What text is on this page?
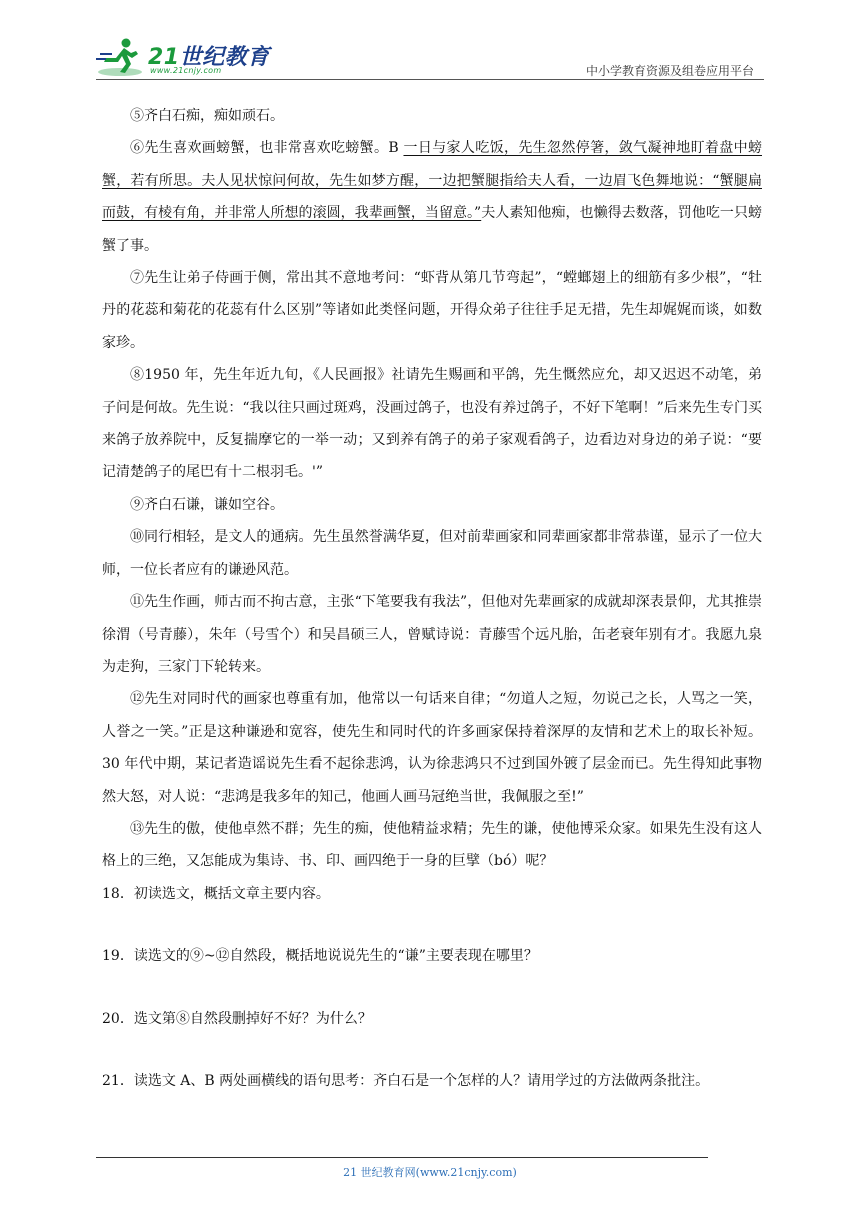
21世纪教育
www.21cnjy.com	中小学教育资源及组卷应用平台

⑤齐白石痴，痴如顽石。

⑥先生喜欢画螃蟹，也非常喜欢吃螃蟹。B 一日与家人吃饭，先生忽然停箸，敛气凝神地盯着盘中螃蟹，若有所思。夫人见状惊问何故，先生如梦方醒，一边把蟹腿指给夫人看，一边眉飞色舞地说：“蟹腿扁而鼓，有棱有角，并非常人所想的滚圆，我辈画蟹，当留意。”夫人素知他痴，也懒得去数落，罚他吃一只螃蟹了事。

⑦先生让弟子侍画于侧，常出其不意地考问：“虾背从第几节弯起”，“螳螂翅上的细筋有多少根”，“牡丹的花蕊和菊花的花蕊有什么区别”等诸如此类怪问题，开得众弟子往往手足无措，先生却娓娓而谈，如数家珍。

⑧1950 年，先生年近九旬，《人民画报》社请先生赐画和平鸽，先生慨然应允，却又迟迟不动笔，弟子问是何故。先生说：“我以往只画过斑鸡，没画过鸽子，也没有养过鸽子，不好下笔啊！”后来先生专门买来鸽子放养院中，反复揣摩它的一举一动；又到养有鸽子的弟子家观看鸽子，边看边对身边的弟子说：“要记清楚鸽子的尾巴有十二根羽毛。'”

⑨齐白石谦，谦如空谷。

⑩同行相轻，是文人的通病。先生虽然誉满华夏，但对前辈画家和同辈画家都非常恭谨，显示了一位大师，一位长者应有的谦逊风范。

⑪先生作画，师古而不拘古意，主张“下笔要我有我法”，但他对先辈画家的成就却深表景仰，尤其推崇徐渭（号青藤），朱年（号雪个）和吴昌硕三人，曾赋诗说：青藤雪个远凡胎，缶老衰年别有才。我愿九泉为走狗，三家门下轮转来。

⑫先生对同时代的画家也尊重有加，他常以一句话来自律；“勿道人之短，勿说己之长，人骂之一笑，人誉之一笑。”正是这种谦逊和宽容，使先生和同时代的许多画家保持着深厚的友情和艺术上的取长补短。30 年代中期，某记者造谣说先生看不起徐悲鸿，认为徐悲鸿只不过到国外镀了层金而已。先生得知此事物然大怒，对人说：“悲鸿是我多年的知己，他画人画马冠绝当世，我佩服之至!”

⑬先生的傲，使他卓然不群；先生的痴，使他精益求精；先生的谦，使他博采众家。如果先生没有这人格上的三绝，又怎能成为集诗、书、印、画四绝于一身的巨擘（bó）呢？

18．初读选文，概括文章主要内容。

19．读选文的⑨~⑫自然段，概括地说说先生的“谦”主要表现在哪里？

20．选文第⑧自然段删掉好不好？为什么？

21．读选文 A、B 两处画横线的语句思考：齐白石是一个怎样的人？请用学过的方法做两条批注。

21 世纪教育网(www.21cnjy.com)
